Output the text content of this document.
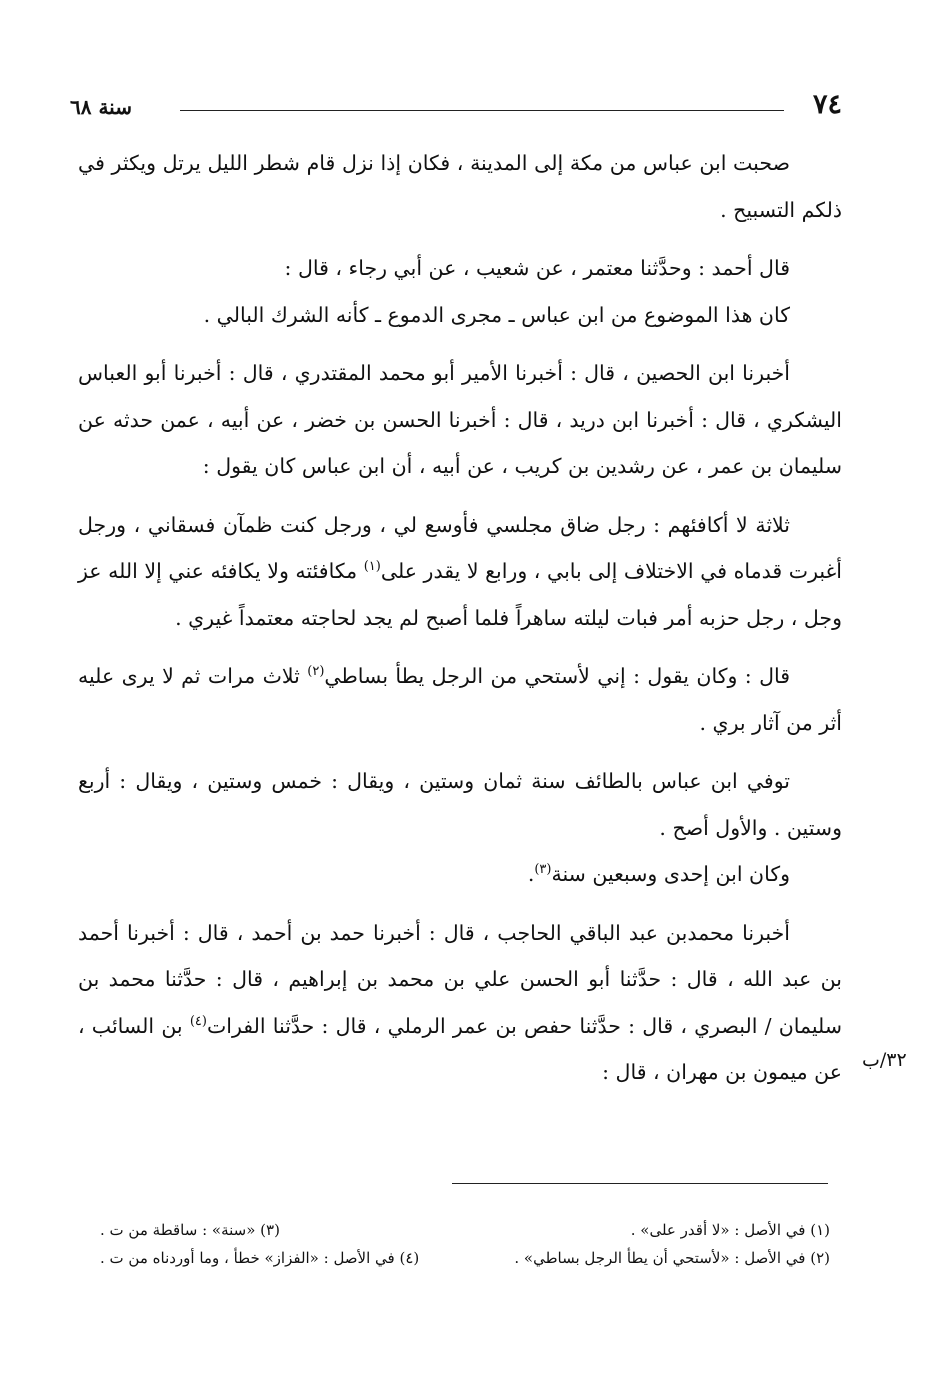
٧٤
سنة ٦٨

صحبت ابن عباس من مكة إلى المدينة ، فكان إذا نزل قام شطر الليل يرتل ويكثر في ذلكم التسبيح .

قال أحمد : وحدَّثنا معتمر ، عن شعيب ، عن أبي رجاء ، قال :

كان هذا الموضوع من ابن عباس ـ مجرى الدموع ـ كأنه الشرك البالي .

أخبرنا ابن الحصين ، قال : أخبرنا الأمير أبو محمد المقتدري ، قال : أخبرنا أبو العباس اليشكري ، قال : أخبرنا ابن دريد ، قال : أخبرنا الحسن بن خضر ، عن أبيه ، عمن حدثه عن سليمان بن عمر ، عن رشدين بن كريب ، عن أبيه ، أن ابن عباس كان يقول :

ثلاثة لا أكافئهم : رجل ضاق مجلسي فأوسع لي ، ورجل كنت ظمآن فسقاني ، ورجل أغبرت قدماه في الاختلاف إلى بابي ، ورابع لا يقدر على$^{(١)}$ مكافئته ولا يكافئه عني إلا الله عز وجل ، رجل حزبه أمر فبات ليلته ساهراً فلما أصبح لم يجد لحاجته معتمداً غيري .

قال : وكان يقول : إني لأستحي من الرجل يطأ بساطي$^{(٢)}$ ثلاث مرات ثم لا يرى عليه أثر من آثار بري .

توفي ابن عباس بالطائف سنة ثمان وستين ، ويقال : خمس وستين ، ويقال : أربع وستين . والأول أصح .

وكان ابن إحدى وسبعين سنة$^{(٣)}$.

أخبرنا محمدبن عبد الباقي الحاجب ، قال : أخبرنا حمد بن أحمد ، قال : أخبرنا أحمد بن عبد الله ، قال : حدَّثنا أبو الحسن علي بن محمد بن إبراهيم ، قال : حدَّثنا محمد بن سليمان / البصري ، قال : حدَّثنا حفص بن عمر الرملي ، قال : حدَّثنا الفرات$^{(٤)}$ بن السائب ، عن ميمون بن مهران ، قال : ٣٢/ب
(١) في الأصل : «لا أقدر على» .
(٣) «سنة» : ساقطة من ت .
(٢) في الأصل : «لأستحي أن يطأ الرجل بساطي» .
(٤) في الأصل : «الفزاز» خطأ ، وما أوردناه من ت .
